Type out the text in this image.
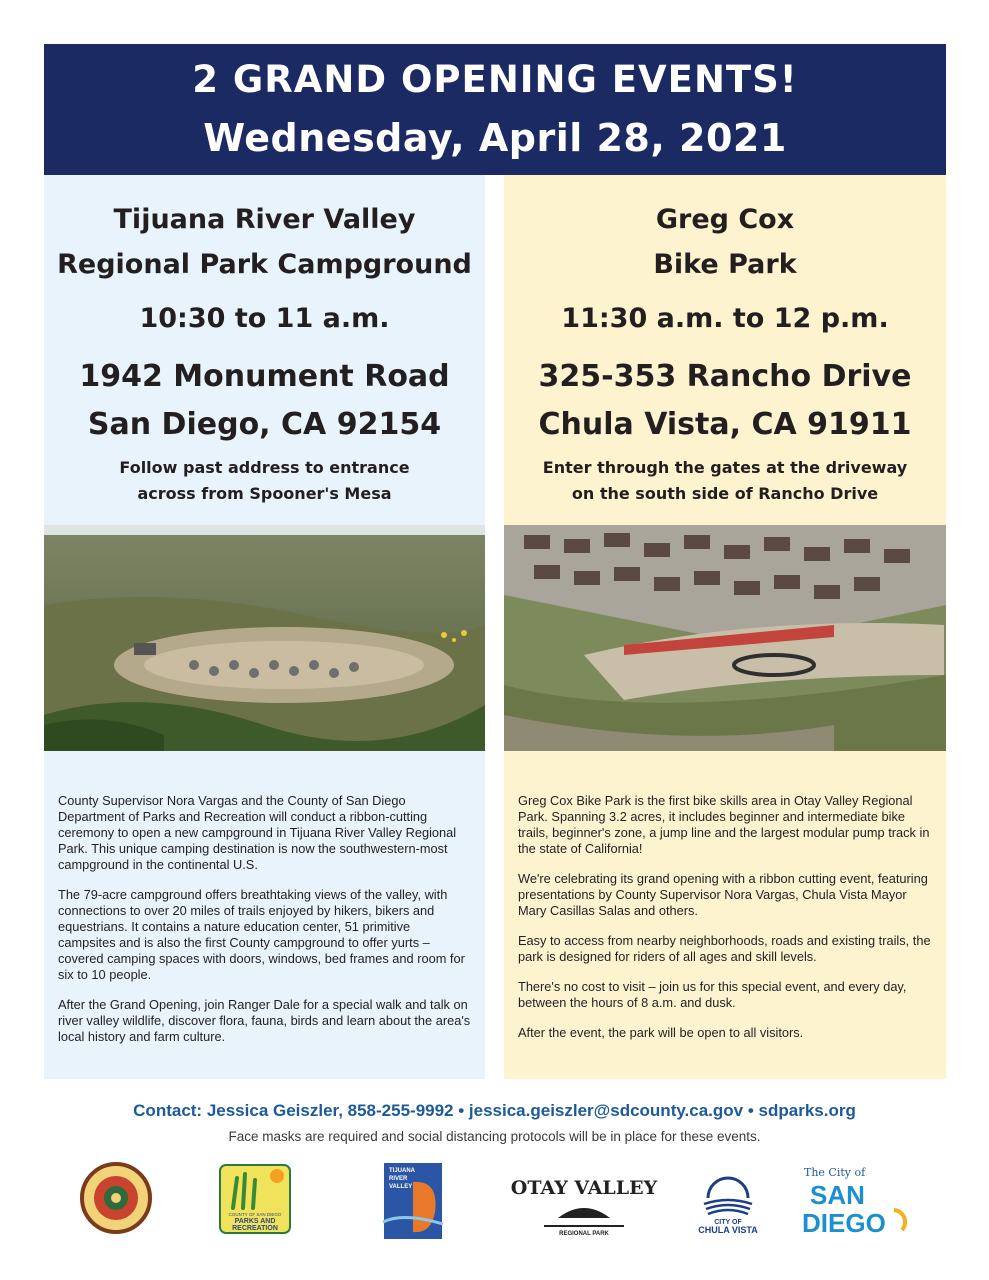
2 GRAND OPENING EVENTS!
Wednesday, April 28, 2021
Tijuana River Valley
Regional Park Campground
10:30 to 11 a.m.
1942 Monument Road
San Diego, CA 92154
Follow past address to entrance
across from Spooner's Mesa

County Supervisor Nora Vargas and the County of San Diego Department of Parks and Recreation will conduct a ribbon-cutting ceremony to open a new campground in Tijuana River Valley Regional Park. This unique camping destination is now the southwestern-most campground in the continental U.S.

The 79-acre campground offers breathtaking views of the valley, with connections to over 20 miles of trails enjoyed by hikers, bikers and equestrians. It contains a nature education center, 51 primitive campsites and is also the first County campground to offer yurts – covered camping spaces with doors, windows, bed frames and room for six to 10 people.

After the Grand Opening, join Ranger Dale for a special walk and talk on river valley wildlife, discover flora, fauna, birds and learn about the area's local history and farm culture.

Greg Cox
Bike Park
11:30 a.m. to 12 p.m.
325-353 Rancho Drive
Chula Vista, CA 91911
Enter through the gates at the driveway
on the south side of Rancho Drive

Greg Cox Bike Park is the first bike skills area in Otay Valley Regional Park. Spanning 3.2 acres, it includes beginner and intermediate bike trails, beginner's zone, a jump line and the largest modular pump track in the state of California!

We're celebrating its grand opening with a ribbon cutting event, featuring presentations by County Supervisor Nora Vargas, Chula Vista Mayor Mary Casillas Salas and others.

Easy to access from nearby neighborhoods, roads and existing trails, the park is designed for riders of all ages and skill levels.

There's no cost to visit – join us for this special event, and every day, between the hours of 8 a.m. and dusk.

After the event, the park will be open to all visitors.

Contact: Jessica Geiszler, 858-255-9992 • jessica.geiszler@sdcounty.ca.gov • sdparks.org
Face masks are required and social distancing protocols will be in place for these events.
COUNTY OF SAN DIEGO
PARKS AND
RECREATION
TIJUANA
RIVER
VALLEY	OTAY VALLEY
REGIONAL PARK
CITY OF
CHULA VISTA
The City of
SAN
DIEGO
